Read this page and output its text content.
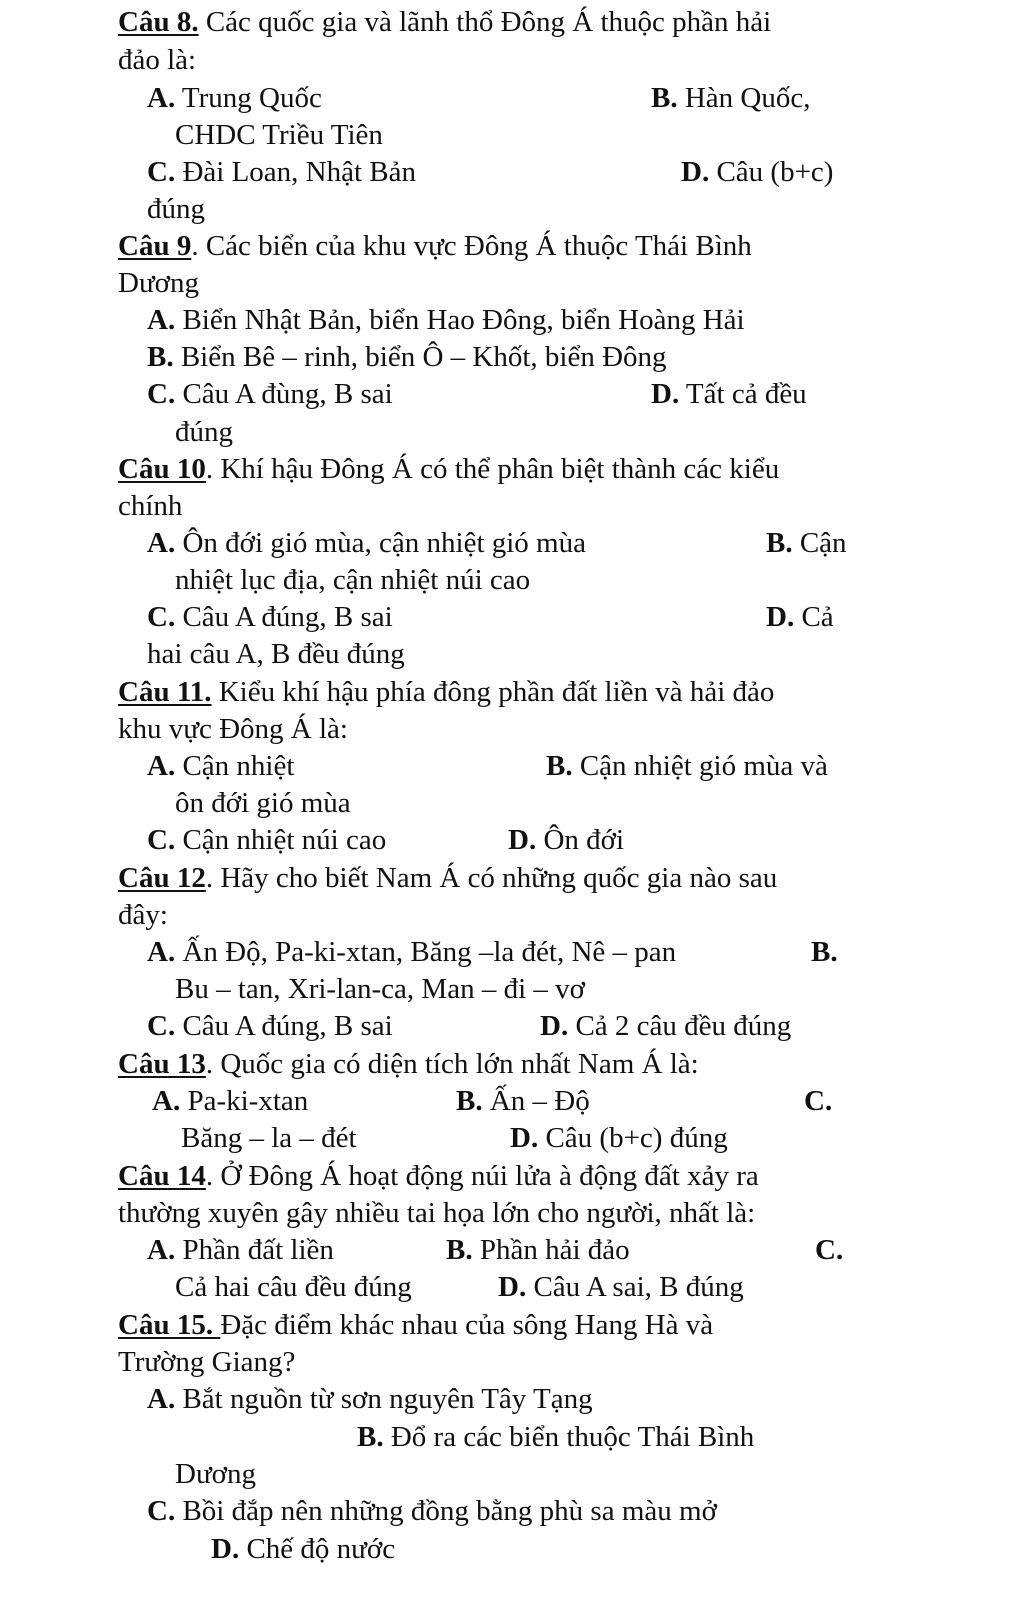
Câu 8. Các quốc gia và lãnh thổ Đông Á thuộc phần hải
đảo là:
A. Trung Quốc	B. Hàn Quốc,
CHDC Triều Tiên
C. Đài Loan, Nhật Bản	D. Câu (b+c)
đúng
Câu 9. Các biển của khu vực Đông Á thuộc Thái Bình
Dương
A. Biển Nhật Bản, biển Hao Đông, biển Hoàng Hải
B. Biển Bê – rinh, biển Ô – Khốt, biển Đông
C. Câu A đùng, B sai	D. Tất cả đều
đúng
Câu 10. Khí hậu Đông Á có thể phân biệt thành các kiểu
chính
A. Ôn đới gió mùa, cận nhiệt gió mùa	B. Cận
nhiệt lục địa, cận nhiệt núi cao
C. Câu A đúng, B sai	D. Cả
hai câu A, B đều đúng
Câu 11. Kiểu khí hậu phía đông phần đất liền và hải đảo
khu vực Đông Á là:
A. Cận nhiệt	B. Cận nhiệt gió mùa và
ôn đới gió mùa
C. Cận nhiệt núi cao	D. Ôn đới
Câu 12. Hãy cho biết Nam Á có những quốc gia nào sau
đây:
A. Ấn Độ, Pa-ki-xtan, Băng –la đét, Nê – pan	B.
Bu – tan, Xri-lan-ca, Man – đi – vơ
C. Câu A đúng, B sai	D. Cả 2 câu đều đúng
Câu 13. Quốc gia có diện tích lớn nhất Nam Á là:
A. Pa-ki-xtan	B. Ấn – Độ	C.
Băng – la – đét	D. Câu (b+c) đúng
Câu 14. Ở Đông Á hoạt động núi lửa à động đất xảy ra
thường xuyên gây nhiều tai họa lớn cho người, nhất là:
A. Phần đất liền	B. Phần hải đảo	C.
Cả hai câu đều đúng	D. Câu A sai, B đúng
Câu 15. Đặc điểm khác nhau của sông Hang Hà và
Trường Giang?
A. Bắt nguồn từ sơn nguyên Tây Tạng
B. Đổ ra các biển thuộc Thái Bình
Dương
C. Bồi đắp nên những đồng bằng phù sa màu mở
D. Chế độ nước
